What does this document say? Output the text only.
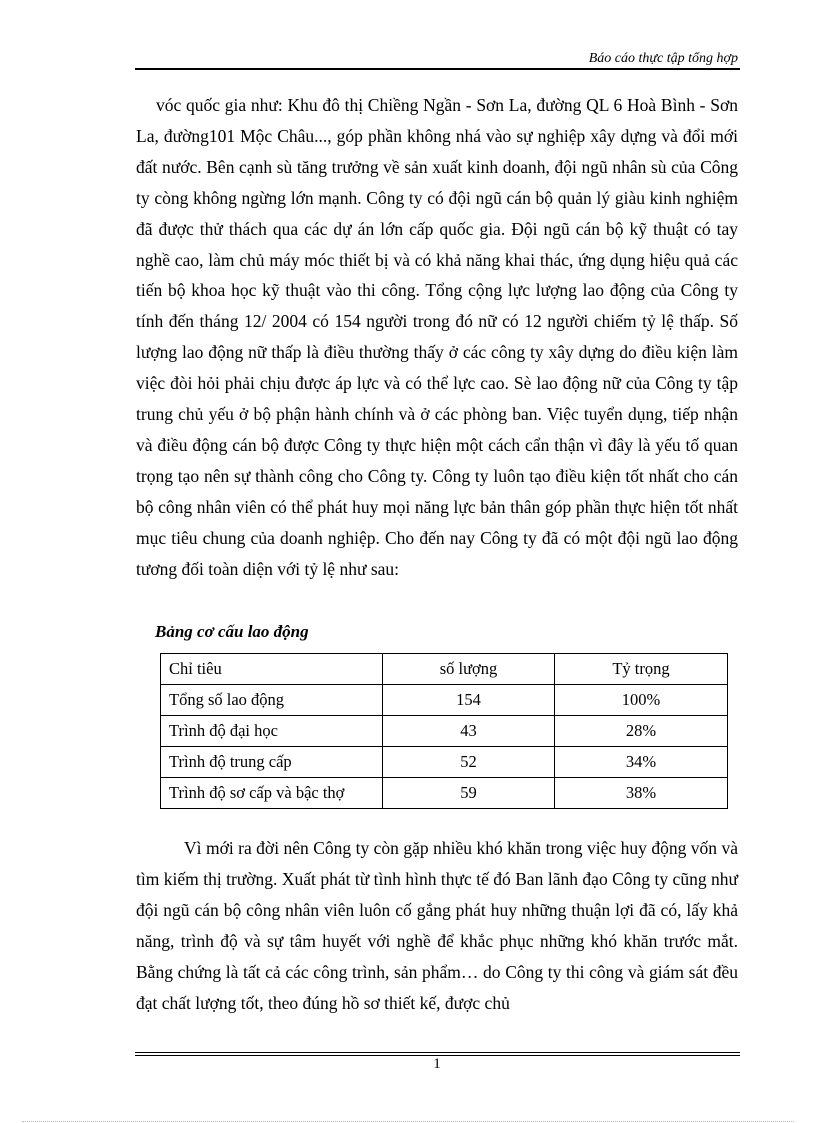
Báo cáo thực tập tổng hợp

vóc quốc gia như: Khu đô thị Chiềng Ngần - Sơn La, đường QL 6 Hoà Bình - Sơn La, đường101 Mộc Châu..., góp phần không nhá vào sự nghiệp xây dựng và đổi mới đất nước. Bên cạnh sù tăng trưởng về sản xuất kinh doanh, đội ngũ nhân sù của Công ty còng không ngừng lớn mạnh. Công ty có đội ngũ cán bộ quản lý giàu kinh nghiệm đã được thử thách qua các dự án lớn cấp quốc gia. Đội ngũ cán bộ kỹ thuật có tay nghề cao, làm chủ máy móc thiết bị và có khả năng khai thác, ứng dụng hiệu quả các tiến bộ khoa học kỹ thuật vào thi công. Tổng cộng lực lượng lao động của Công ty tính đến tháng 12/ 2004 có 154 người trong đó nữ có 12 người chiếm tỷ lệ thấp. Số lượng lao động nữ thấp là điều thường thấy ở các công ty xây dựng do điều kiện làm việc đòi hỏi phải chịu được áp lực và có thể lực cao. Sè lao động nữ của Công ty tập trung chủ yếu ở bộ phận hành chính và ở các phòng ban. Việc tuyển dụng, tiếp nhận và điều động cán bộ được Công ty thực hiện một cách cẩn thận vì đây là yếu tố quan trọng tạo nên sự thành công cho Công ty. Công ty luôn tạo điều kiện tốt nhất cho cán bộ công nhân viên có thể phát huy mọi năng lực bản thân góp phần thực hiện tốt nhất mục tiêu chung của doanh nghiệp. Cho đến nay Công ty đã có một đội ngũ lao động tương đối toàn diện với tỷ lệ như sau:

Bảng cơ cấu lao động
Chỉ tiêu	số lượng	Tỷ trọng
Tổng số lao động	154	100%
Trình độ đại học	43	28%
Trình độ trung cấp	52	34%
Trình độ sơ cấp và bậc thợ	59	38%

Vì mới ra đời nên Công ty còn gặp nhiều khó khăn trong việc huy động vốn và tìm kiếm thị trường. Xuất phát từ tình hình thực tế đó Ban lãnh đạo Công ty cũng như đội ngũ cán bộ công nhân viên luôn cố gắng phát huy những thuận lợi đã có, lấy khả năng, trình độ và sự tâm huyết với nghề để khắc phục những khó khăn trước mắt. Bằng chứng là tất cả các công trình, sản phẩm… do Công ty thi công và giám sát đều đạt chất lượng tốt, theo đúng hồ sơ thiết kế, được chủ

1
